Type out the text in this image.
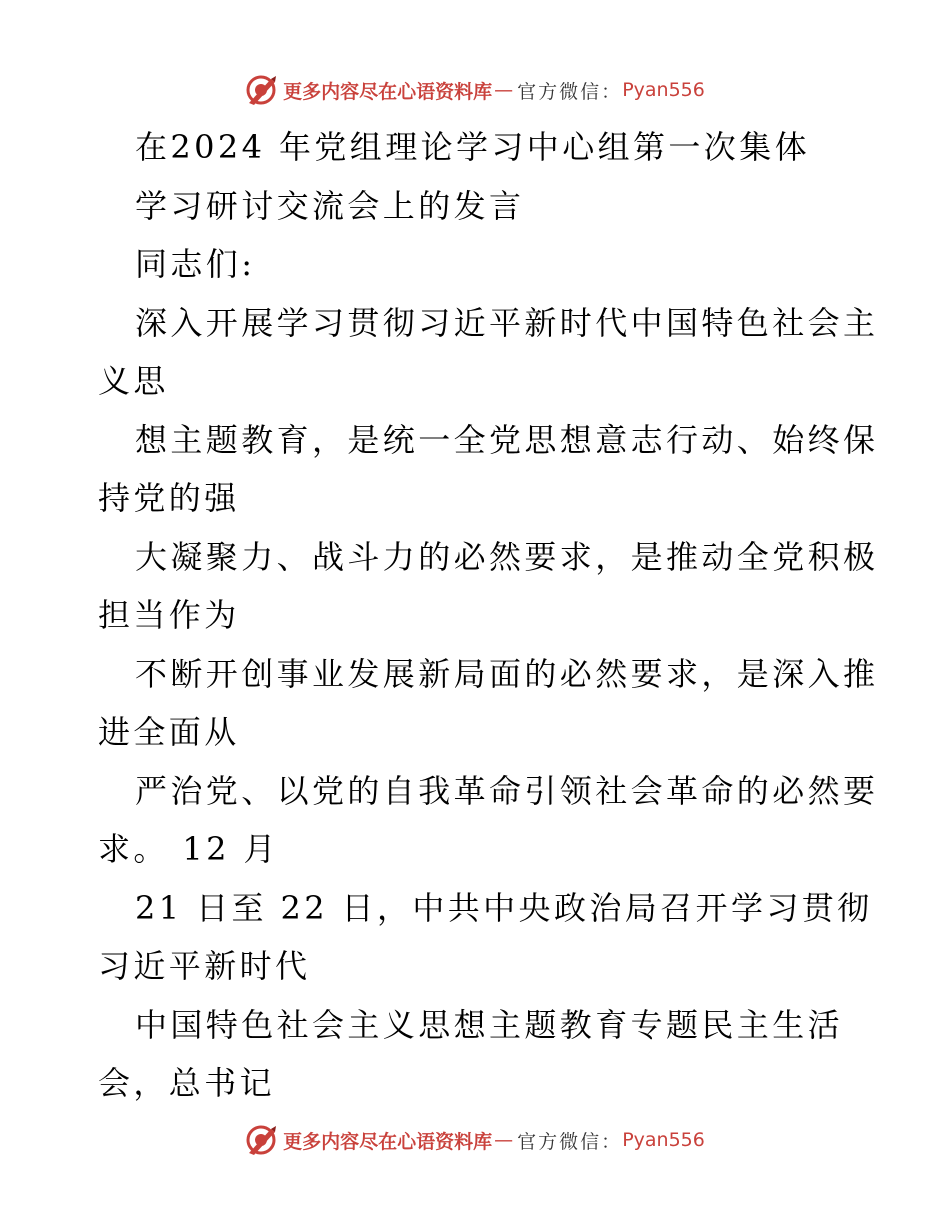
更多内容尽在心语资料库 — 官方微信： Pyan556
在2024 年党组理论学习中心组第一次集体
学习研讨交流会上的发言
同志们:
深入开展学习贯彻习近平新时代中国特色社会主
义思
想主题教育，是统一全党思想意志行动、始终保
持党的强
大凝聚力、战斗力的必然要求，是推动全党积极
担当作为
不断开创事业发展新局面的必然要求，是深入推
进全面从
严治党、以党的自我革命引领社会革命的必然要
求。 12 月
21 日至 22 日，中共中央政治局召开学习贯彻
习近平新时代
中国特色社会主义思想主题教育专题民主生活
会，总书记
更多内容尽在心语资料库 — 官方微信： Pyan556
